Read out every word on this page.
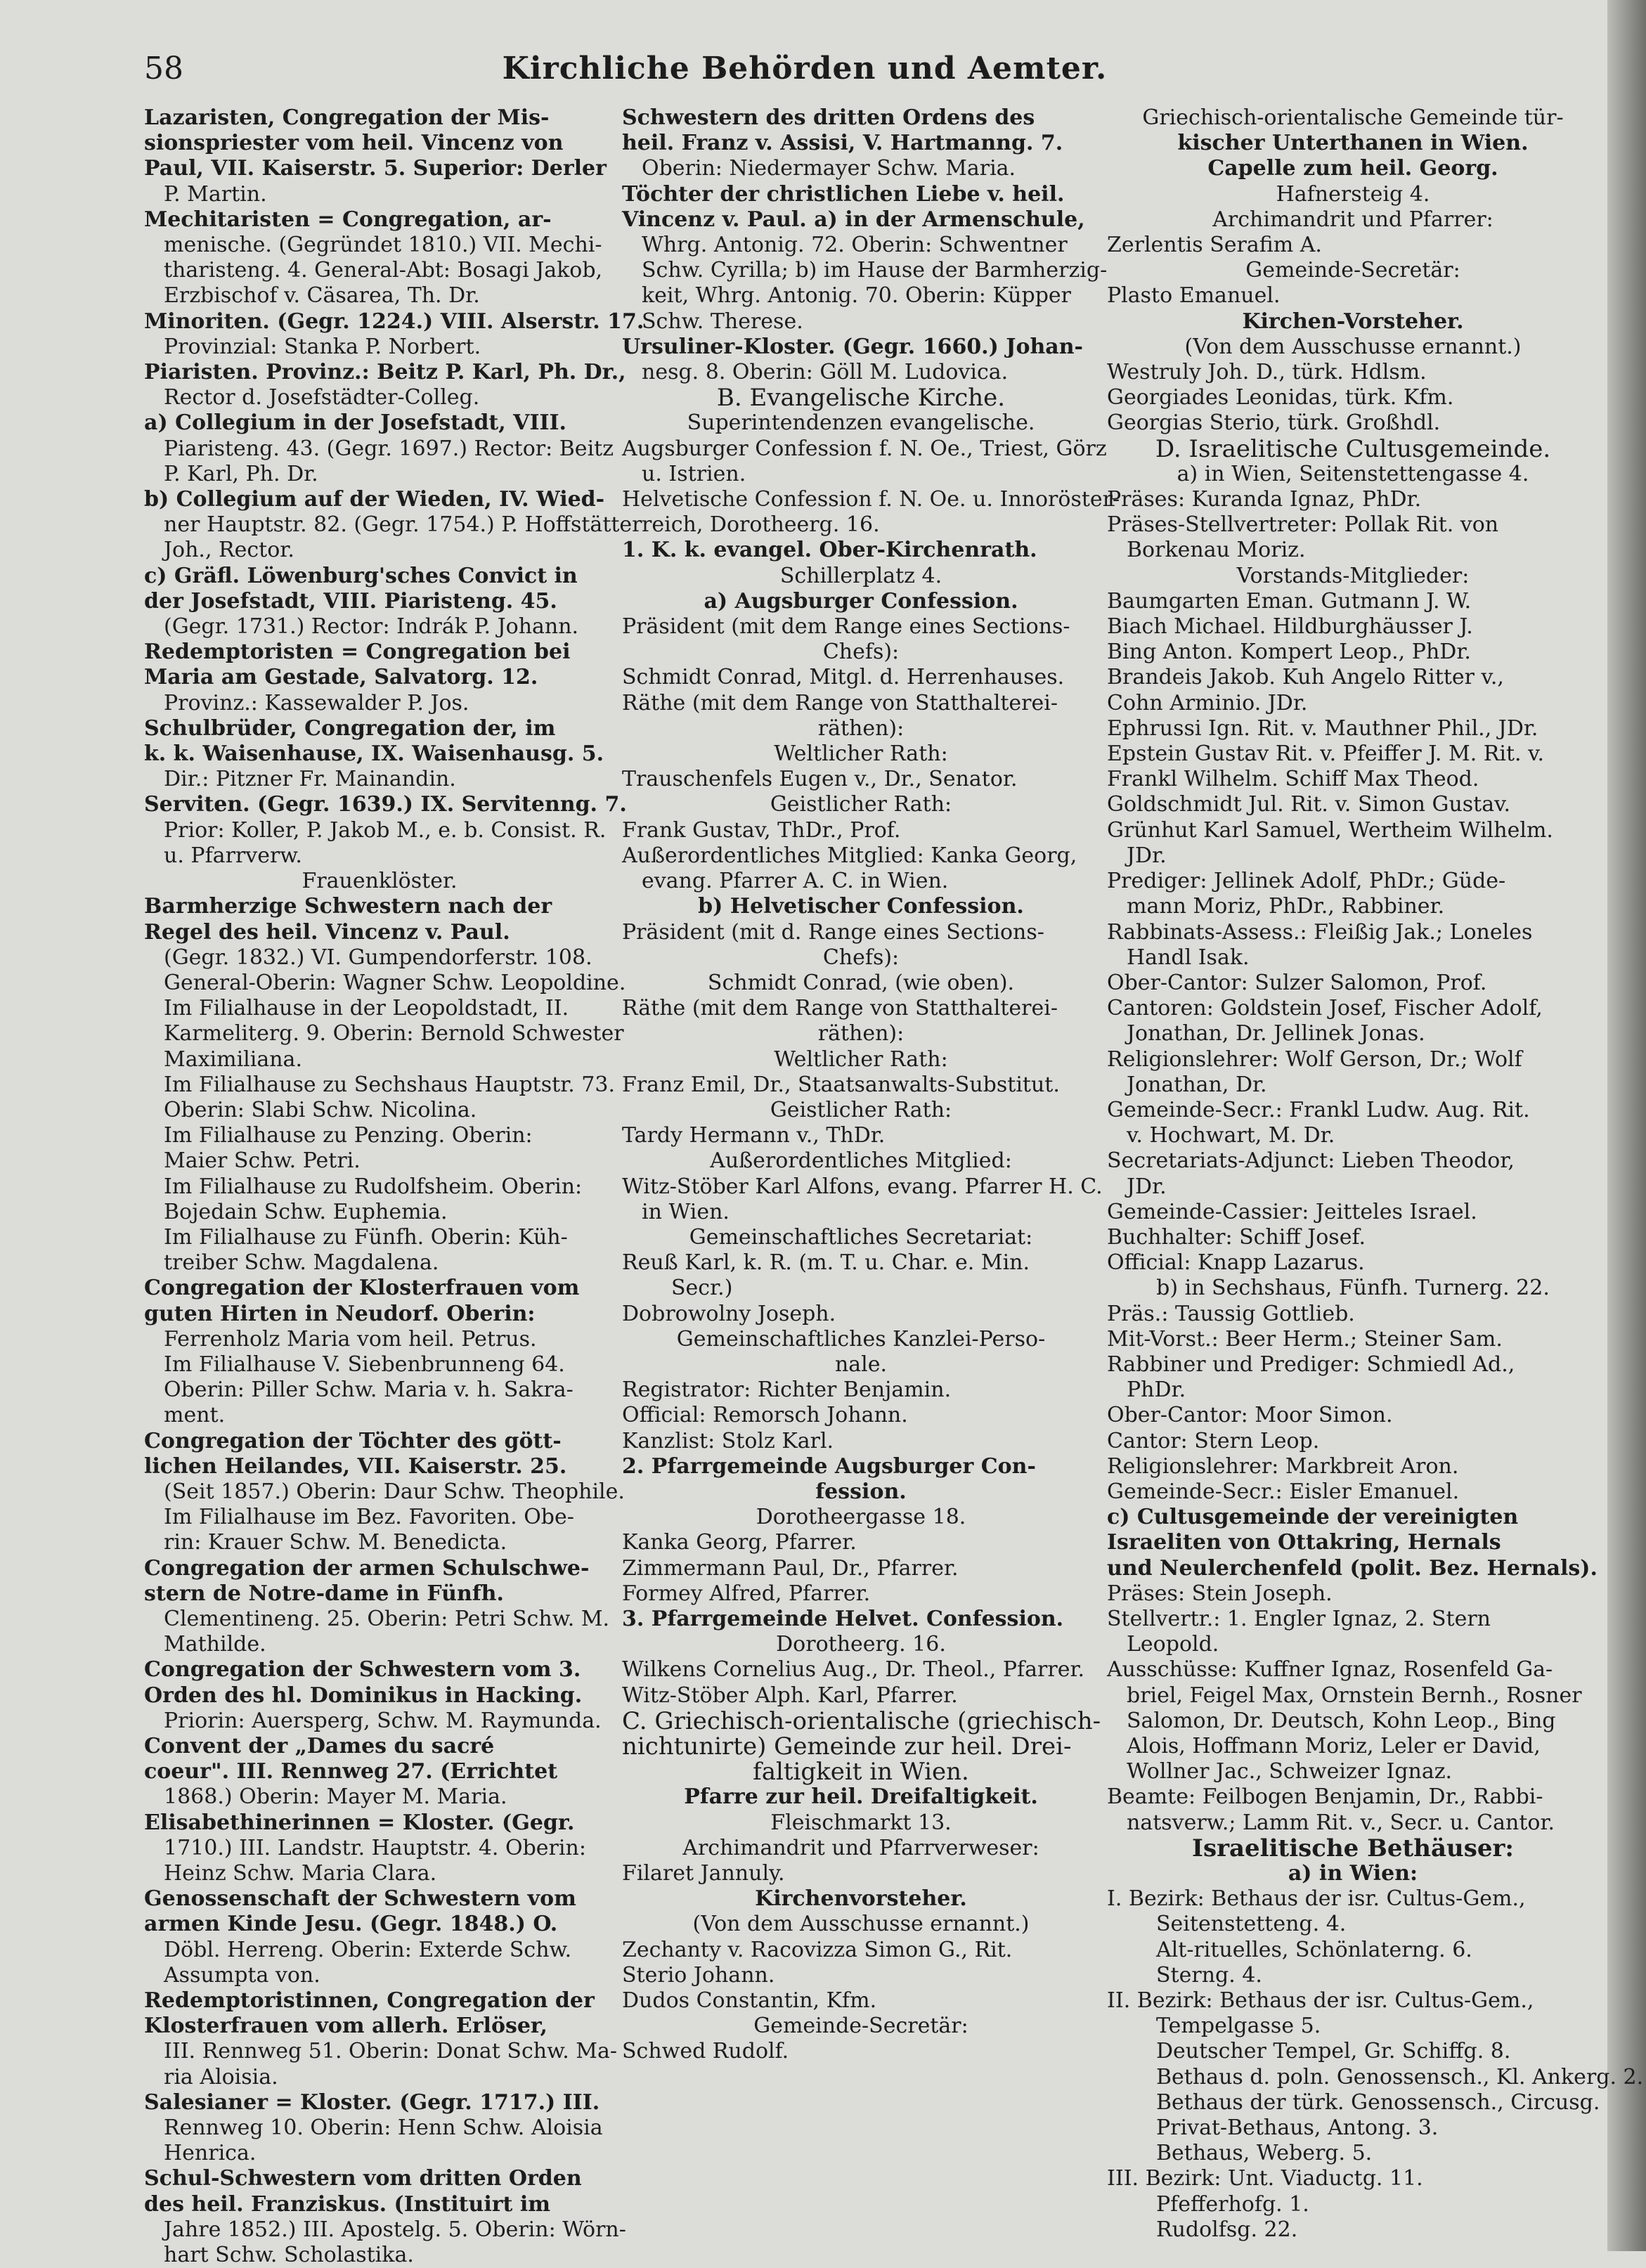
Kirchliche Behörden und Aemter.
58
Lazaristen, Congregation der Mis-
sionspriester vom heil. Vincenz von
Paul, VII. Kaiserstr. 5. Superior: Derler
P. Martin.
Mechitaristen = Congregation, ar-
menische. (Gegründet 1810.) VII. Mechi-
tharisteng. 4. General-Abt: Bosagi Jakob,
Erzbischof v. Cäsarea, Th. Dr.
Minoriten. (Gegr. 1224.) VIII. Alserstr. 17.
Provinzial: Stanka P. Norbert.
Piaristen. Provinz.: Beitz P. Karl, Ph. Dr.,
Rector d. Josefstädter-Colleg.
a) Collegium in der Josefstadt, VIII.
Piaristeng. 43. (Gegr. 1697.) Rector: Beitz
P. Karl, Ph. Dr.
b) Collegium auf der Wieden, IV. Wied-
ner Hauptstr. 82. (Gegr. 1754.) P. Hoffstätter
Joh., Rector.
c) Gräfl. Löwenburg'sches Convict in
der Josefstadt, VIII. Piaristeng. 45.
(Gegr. 1731.) Rector: Indrák P. Johann.
Redemptoristen = Congregation bei
Maria am Gestade, Salvatorg. 12.
Provinz.: Kassewalder P. Jos.
Schulbrüder, Congregation der, im
k. k. Waisenhause, IX. Waisenhausg. 5.
Dir.: Pitzner Fr. Mainandin.
Serviten. (Gegr. 1639.) IX. Servitenng. 7.
Prior: Koller, P. Jakob M., e. b. Consist. R.
u. Pfarrverw.
Frauenklöster.
Barmherzige Schwestern nach der
Regel des heil. Vincenz v. Paul.
(Gegr. 1832.) VI. Gumpendorferstr. 108.
General-Oberin: Wagner Schw. Leopoldine.
Im Filialhause in der Leopoldstadt, II.
Karmeliterg. 9. Oberin: Bernold Schwester
Maximiliana.
Im Filialhause zu Sechshaus Hauptstr. 73.
Oberin: Slabi Schw. Nicolina.
Im Filialhause zu Penzing. Oberin:
Maier Schw. Petri.
Im Filialhause zu Rudolfsheim. Oberin:
Bojedain Schw. Euphemia.
Im Filialhause zu Fünfh. Oberin: Küh-
treiber Schw. Magdalena.
Congregation der Klosterfrauen vom
guten Hirten in Neudorf. Oberin:
Ferrenholz Maria vom heil. Petrus.
Im Filialhause V. Siebenbrunneng 64.
Oberin: Piller Schw. Maria v. h. Sakra-
ment.
Congregation der Töchter des gött-
lichen Heilandes, VII. Kaiserstr. 25.
(Seit 1857.) Oberin: Daur Schw. Theophile.
Im Filialhause im Bez. Favoriten. Obe-
rin: Krauer Schw. M. Benedicta.
Congregation der armen Schulschwe-
stern de Notre-dame in Fünfh.
Clementineng. 25. Oberin: Petri Schw. M.
Mathilde.
Congregation der Schwestern vom 3.
Orden des hl. Dominikus in Hacking.
Priorin: Auersperg, Schw. M. Raymunda.
Convent der „Dames du sacré
coeur". III. Rennweg 27. (Errichtet
1868.) Oberin: Mayer M. Maria.
Elisabethinerinnen = Kloster. (Gegr.
1710.) III. Landstr. Hauptstr. 4. Oberin:
Heinz Schw. Maria Clara.
Genossenschaft der Schwestern vom
armen Kinde Jesu. (Gegr. 1848.) O.
Döbl. Herreng. Oberin: Exterde Schw.
Assumpta von.
Redemptoristinnen, Congregation der
Klosterfrauen vom allerh. Erlöser,
III. Rennweg 51. Oberin: Donat Schw. Ma-
ria Aloisia.
Salesianer = Kloster. (Gegr. 1717.) III.
Rennweg 10. Oberin: Henn Schw. Aloisia
Henrica.
Schul-Schwestern vom dritten Orden
des heil. Franziskus. (Instituirt im
Jahre 1852.) III. Apostelg. 5. Oberin: Wörn-
hart Schw. Scholastika.
Schwestern des dritten Ordens des
heil. Franz v. Assisi, V. Hartmanng. 7.
Oberin: Niedermayer Schw. Maria.
Töchter der christlichen Liebe v. heil.
Vincenz v. Paul. a) in der Armenschule,
Whrg. Antonig. 72. Oberin: Schwentner
Schw. Cyrilla; b) im Hause der Barmherzig-
keit, Whrg. Antonig. 70. Oberin: Küpper
Schw. Therese.
Ursuliner-Kloster. (Gegr. 1660.) Johan-
nesg. 8. Oberin: Göll M. Ludovica.
B. Evangelische Kirche.
Superintendenzen evangelische.
Augsburger Confession f. N. Oe., Triest, Görz
u. Istrien.
Helvetische Confession f. N. Oe. u. Innoröster-
reich, Dorotheerg. 16.
1. K. k. evangel. Ober-Kirchenrath.
Schillerplatz 4.
a) Augsburger Confession.
Präsident (mit dem Range eines Sections-
Chefs):
Schmidt Conrad, Mitgl. d. Herrenhauses.
Räthe (mit dem Range von Statthalterei-
räthen):
Weltlicher Rath:
Trauschenfels Eugen v., Dr., Senator.
Geistlicher Rath:
Frank Gustav, ThDr., Prof.
Außerordentliches Mitglied: Kanka Georg,
evang. Pfarrer A. C. in Wien.
b) Helvetischer Confession.
Präsident (mit d. Range eines Sections-
Chefs):
Schmidt Conrad, (wie oben).
Räthe (mit dem Range von Statthalterei-
räthen):
Weltlicher Rath:
Franz Emil, Dr., Staatsanwalts-Substitut.
Geistlicher Rath:
Tardy Hermann v., ThDr.
Außerordentliches Mitglied:
Witz-Stöber Karl Alfons, evang. Pfarrer H. C.
in Wien.
Gemeinschaftliches Secretariat:
Reuß Karl, k. R. (m. T. u. Char. e. Min.
Secr.)
Dobrowolny Joseph.
Gemeinschaftliches Kanzlei-Perso-
nale.
Registrator: Richter Benjamin.
Official: Remorsch Johann.
Kanzlist: Stolz Karl.
2. Pfarrgemeinde Augsburger Con-
fession.
Dorotheergasse 18.
Kanka Georg, Pfarrer.
Zimmermann Paul, Dr., Pfarrer.
Formey Alfred, Pfarrer.
3. Pfarrgemeinde Helvet. Confession.
Dorotheerg. 16.
Wilkens Cornelius Aug., Dr. Theol., Pfarrer.
Witz-Stöber Alph. Karl, Pfarrer.
C. Griechisch-orientalische (griechisch-
nichtunirte) Gemeinde zur heil. Drei-
faltigkeit in Wien.
Pfarre zur heil. Dreifaltigkeit.
Fleischmarkt 13.
Archimandrit und Pfarrverweser:
Filaret Jannuly.
Kirchenvorsteher.
(Von dem Ausschusse ernannt.)
Zechanty v. Racovizza Simon G., Rit.
Sterio Johann.
Dudos Constantin, Kfm.
Gemeinde-Secretär:
Schwed Rudolf.
Griechisch-orientalische Gemeinde tür-
kischer Unterthanen in Wien.
Capelle zum heil. Georg.
Hafnersteig 4.
Archimandrit und Pfarrer:
Zerlentis Serafim A.
Gemeinde-Secretär:
Plasto Emanuel.
Kirchen-Vorsteher.
(Von dem Ausschusse ernannt.)
Westruly Joh. D., türk. Hdlsm.
Georgiades Leonidas, türk. Kfm.
Georgias Sterio, türk. Großhdl.
D. Israelitische Cultusgemeinde.
a) in Wien, Seitenstettengasse 4.
Präses: Kuranda Ignaz, PhDr.
Präses-Stellvertreter: Pollak Rit. von
Borkenau Moriz.
Vorstands-Mitglieder:
Baumgarten Eman. Gutmann J. W.
Biach Michael. Hildburghäusser J.
Bing Anton. Kompert Leop., PhDr.
Brandeis Jakob. Kuh Angelo Ritter v.,
Cohn Arminio. JDr.
Ephrussi Ign. Rit. v. Mauthner Phil., JDr.
Epstein Gustav Rit. v. Pfeiffer J. M. Rit. v.
Frankl Wilhelm. Schiff Max Theod.
Goldschmidt Jul. Rit. v. Simon Gustav.
Grünhut Karl Samuel, Wertheim Wilhelm.
JDr.
Prediger: Jellinek Adolf, PhDr.; Güde-
mann Moriz, PhDr., Rabbiner.
Rabbinats-Assess.: Fleißig Jak.; Loneles
Handl Isak.
Ober-Cantor: Sulzer Salomon, Prof.
Cantoren: Goldstein Josef, Fischer Adolf,
Jonathan, Dr. Jellinek Jonas.
Religionslehrer: Wolf Gerson, Dr.; Wolf
Jonathan, Dr.
Gemeinde-Secr.: Frankl Ludw. Aug. Rit.
v. Hochwart, M. Dr.
Secretariats-Adjunct: Lieben Theodor,
JDr.
Gemeinde-Cassier: Jeitteles Israel.
Buchhalter: Schiff Josef.
Official: Knapp Lazarus.
b) in Sechshaus, Fünfh. Turnerg. 22.
Präs.: Taussig Gottlieb.
Mit-Vorst.: Beer Herm.; Steiner Sam.
Rabbiner und Prediger: Schmiedl Ad.,
PhDr.
Ober-Cantor: Moor Simon.
Cantor: Stern Leop.
Religionslehrer: Markbreit Aron.
Gemeinde-Secr.: Eisler Emanuel.
c) Cultusgemeinde der vereinigten
Israeliten von Ottakring, Hernals
und Neulerchenfeld (polit. Bez. Hernals).
Präses: Stein Joseph.
Stellvertr.: 1. Engler Ignaz, 2. Stern
Leopold.
Ausschüsse: Kuffner Ignaz, Rosenfeld Ga-
briel, Feigel Max, Ornstein Bernh., Rosner
Salomon, Dr. Deutsch, Kohn Leop., Bing
Alois, Hoffmann Moriz, Leler er David,
Wollner Jac., Schweizer Ignaz.
Beamte: Feilbogen Benjamin, Dr., Rabbi-
natsverw.; Lamm Rit. v., Secr. u. Cantor.
Israelitische Bethäuser:
a) in Wien:
I. Bezirk: Bethaus der isr. Cultus-Gem.,
Seitenstetteng. 4.
Alt-rituelles, Schönlaterng. 6.
Sterng. 4.
II. Bezirk: Bethaus der isr. Cultus-Gem.,
Tempelgasse 5.
Deutscher Tempel, Gr. Schiffg. 8.
Bethaus d. poln. Genossensch., Kl. Ankerg. 2.
Bethaus der türk. Genossensch., Circusg.
Privat-Bethaus, Antong. 3.
Bethaus, Weberg. 5.
III. Bezirk: Unt. Viaductg. 11.
Pfefferhofg. 1.
Rudolfsg. 22.
